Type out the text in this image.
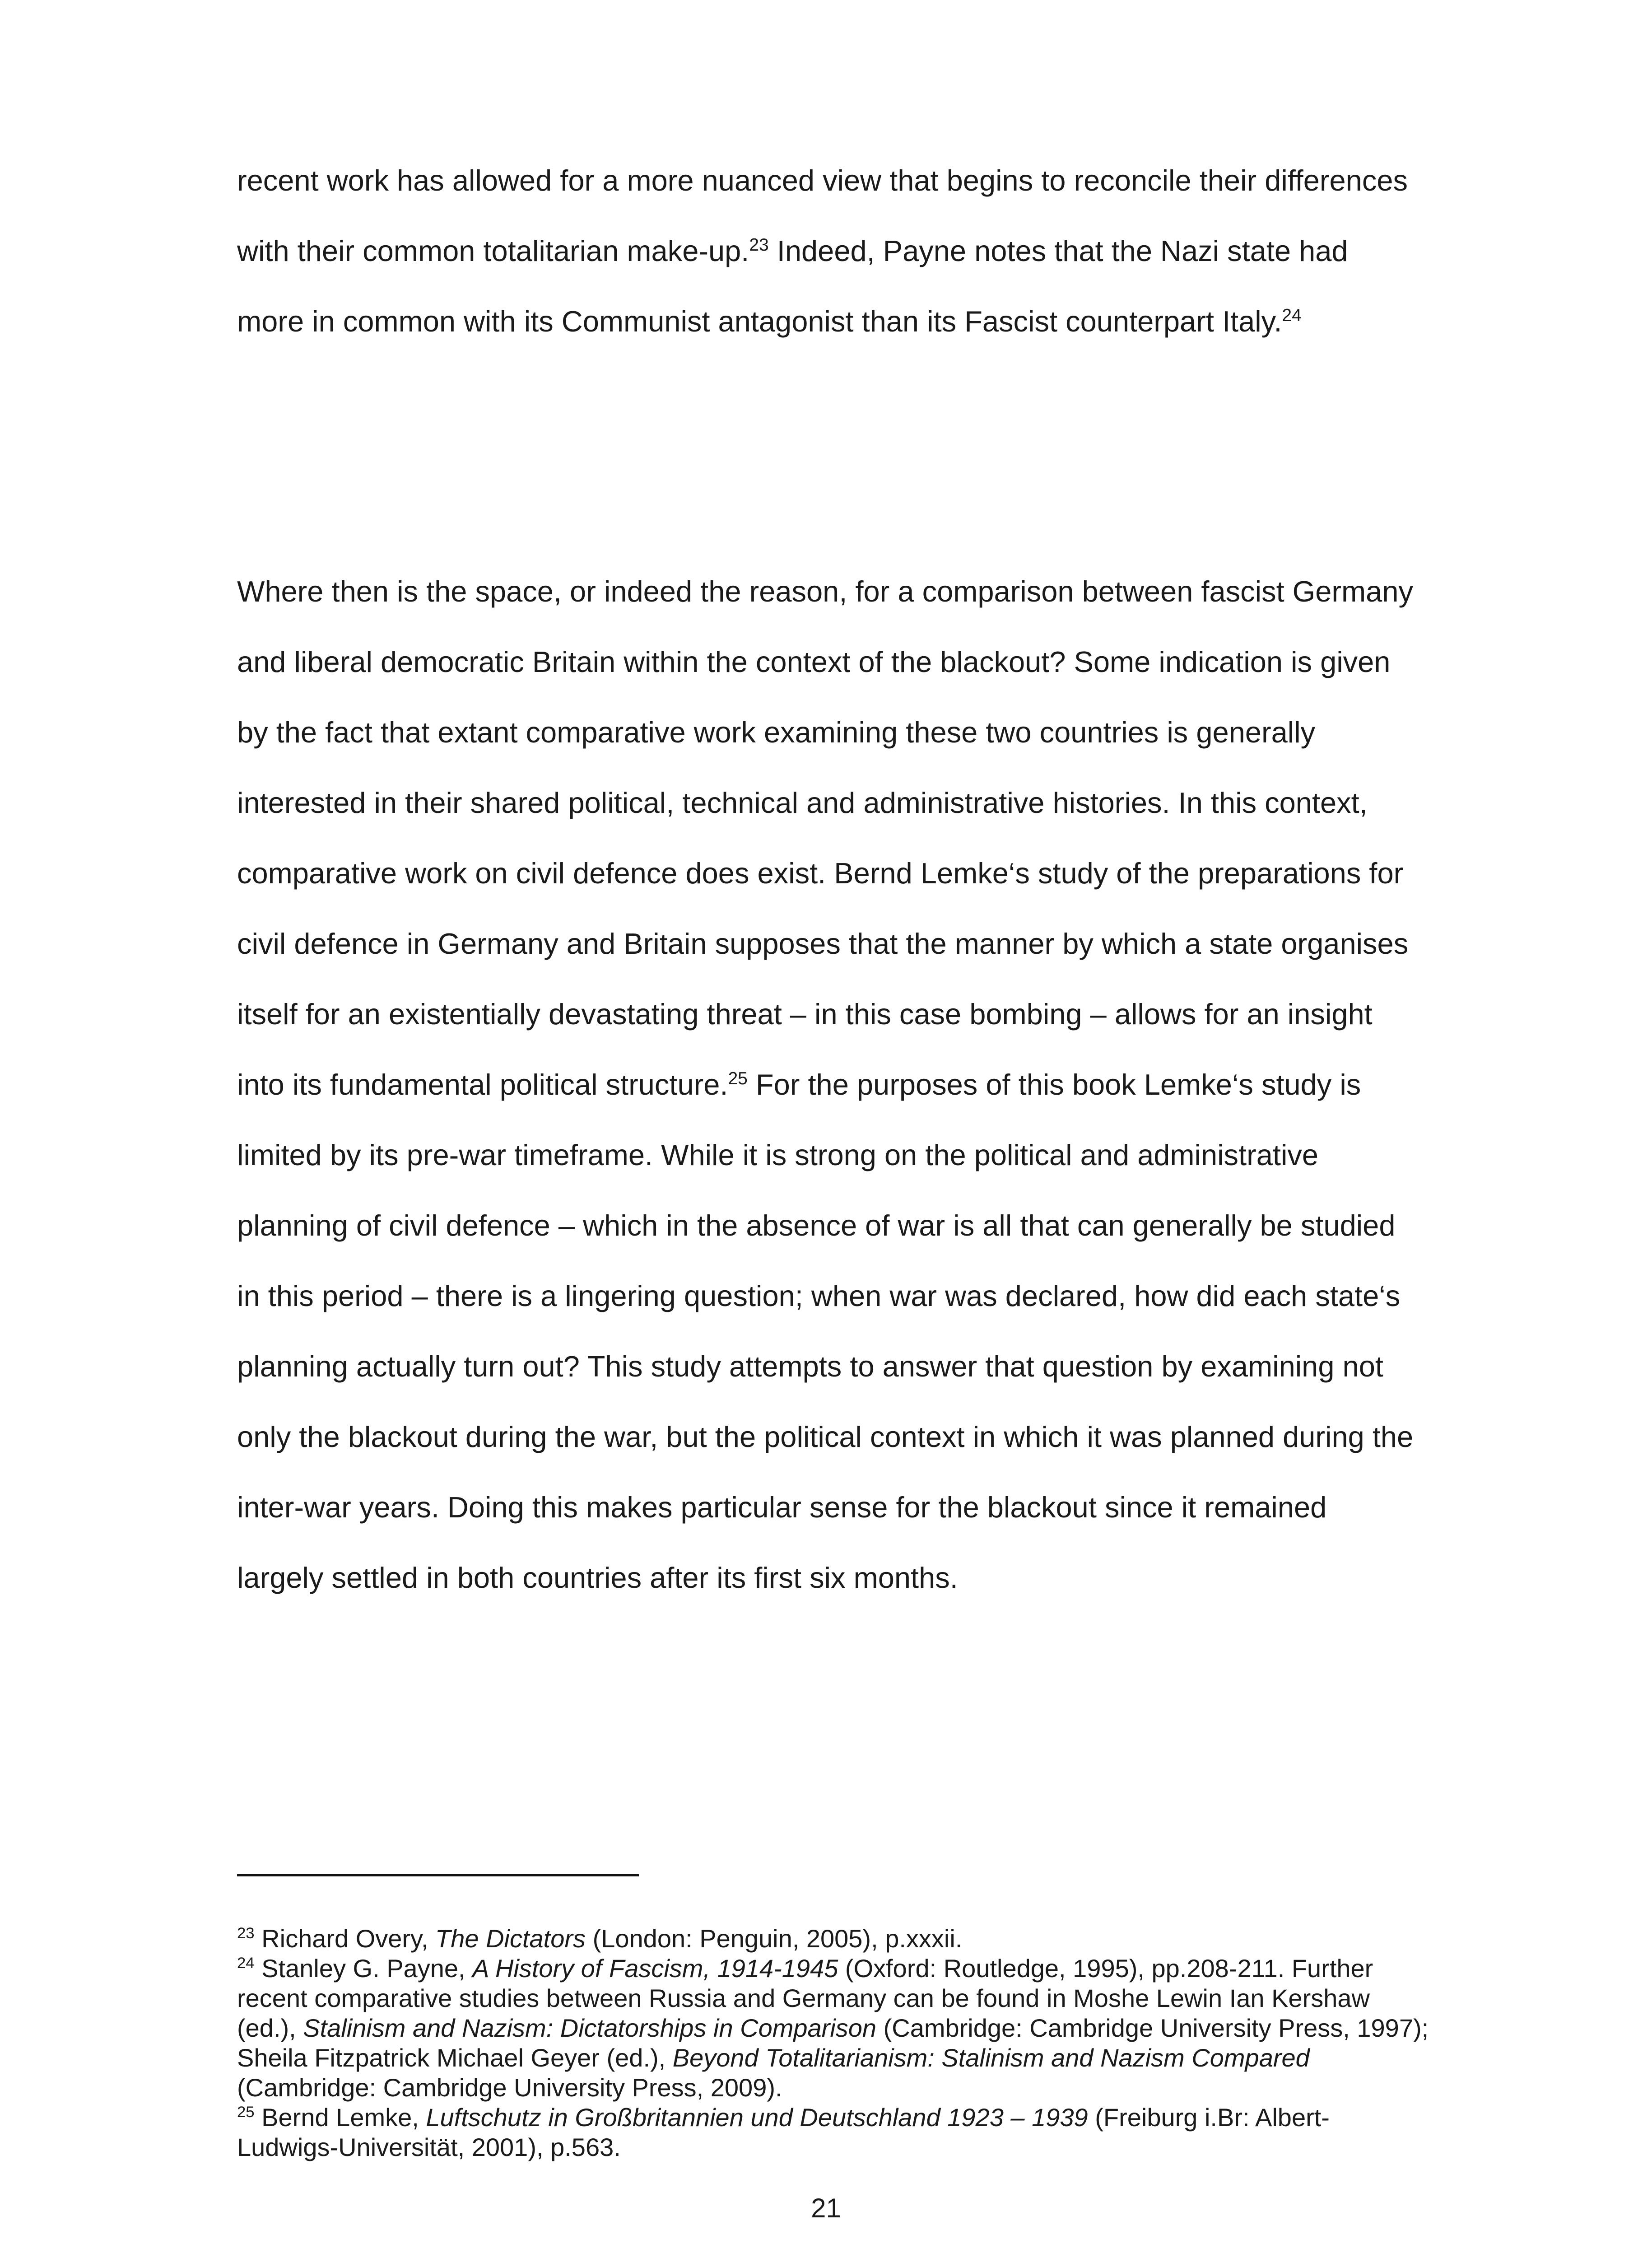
recent work has allowed for a more nuanced view that begins to reconcile their differences with their common totalitarian make-up.$^{23}$ Indeed, Payne notes that the Nazi state had more in common with its Communist antagonist than its Fascist counterpart Italy.$^{24}$

Where then is the space, or indeed the reason, for a comparison between fascist Germany and liberal democratic Britain within the context of the blackout? Some indication is given by the fact that extant comparative work examining these two countries is generally interested in their shared political, technical and administrative histories. In this context, comparative work on civil defence does exist. Bernd Lemke‘s study of the preparations for civil defence in Germany and Britain supposes that the manner by which a state organises itself for an existentially devastating threat – in this case bombing – allows for an insight into its fundamental political structure.$^{25}$ For the purposes of this book Lemke‘s study is limited by its pre-war timeframe. While it is strong on the political and administrative planning of civil defence – which in the absence of war is all that can generally be studied in this period – there is a lingering question; when war was declared, how did each state‘s planning actually turn out? This study attempts to answer that question by examining not only the blackout during the war, but the political context in which it was planned during the inter-war years. Doing this makes particular sense for the blackout since it remained largely settled in both countries after its first six months.

$^{23}$ Richard Overy, The Dictators (London: Penguin, 2005), p.xxxii.

$^{24}$ Stanley G. Payne, A History of Fascism, 1914-1945 (Oxford: Routledge, 1995), pp.208-211. Further recent comparative studies between Russia and Germany can be found in Moshe Lewin Ian Kershaw (ed.), Stalinism and Nazism: Dictatorships in Comparison (Cambridge: Cambridge University Press, 1997); Sheila Fitzpatrick Michael Geyer (ed.), Beyond Totalitarianism: Stalinism and Nazism Compared (Cambridge: Cambridge University Press, 2009).

$^{25}$ Bernd Lemke, Luftschutz in Großbritannien und Deutschland 1923 – 1939 (Freiburg i.Br: Albert-Ludwigs-Universität, 2001), p.563.

21
